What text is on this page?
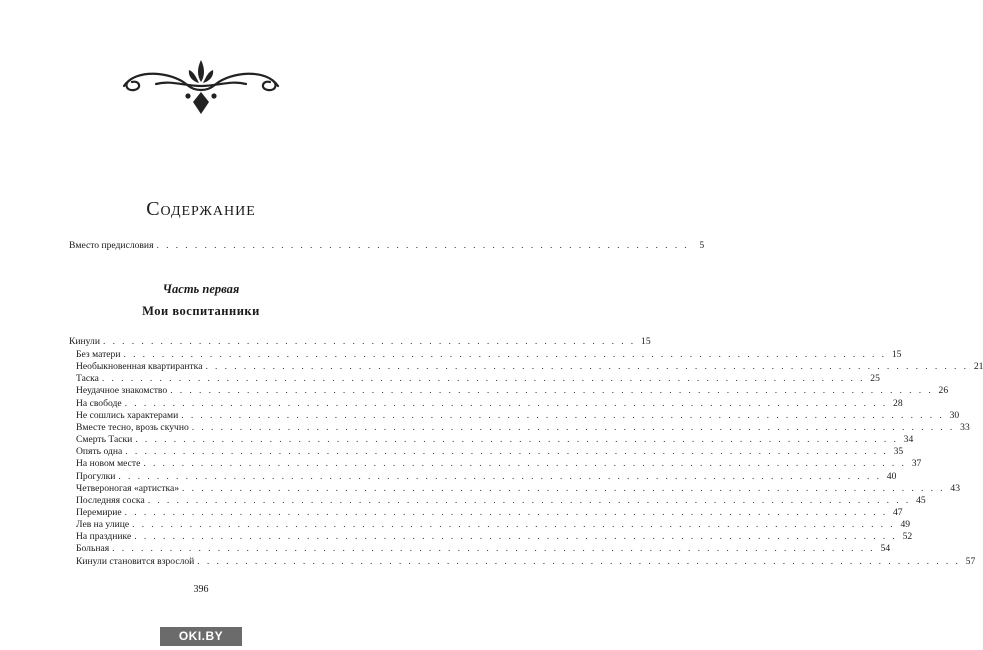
Содержание
Вместо предисловия . . . . . . . . . . . . . . . . . . . . . . . . . . . . . . . . . . . . . . . . . . . . . . . . . . . . . . . .	5
Часть первая
Мои воспитанники
Кинули . . . . . . . . . . . . . . . . . . . . . . . . . . . . . . . . . . . . . . . . . . . . . . . . . . . . . . . . 15
Без матери . . . . . . . . . . . . . . . . . . . . . . . . . . . . . . . . . . . . . . . . . . . . . . . . . . . . . . . . . . . . . . . . . . . . . . . . . . . . . . . . 15
Необыкновенная квартирантка . . . . . . . . . . . . . . . . . . . . . . . . . . . . . . . . . . . . . . . . . . . . . . . . . . . . . . . . . . . . . . . . . . . . . . . . . . . . . . . . 21
Таска . . . . . . . . . . . . . . . . . . . . . . . . . . . . . . . . . . . . . . . . . . . . . . . . . . . . . . . . . . . . . . . . . . . . . . . . . . . . . . . . 25
Неудачное знакомство . . . . . . . . . . . . . . . . . . . . . . . . . . . . . . . . . . . . . . . . . . . . . . . . . . . . . . . . . . . . . . . . . . . . . . . . . . . . . . . . 26
На свободе . . . . . . . . . . . . . . . . . . . . . . . . . . . . . . . . . . . . . . . . . . . . . . . . . . . . . . . . . . . . . . . . . . . . . . . . . . . . . . . . 28
Не сошлись характерами . . . . . . . . . . . . . . . . . . . . . . . . . . . . . . . . . . . . . . . . . . . . . . . . . . . . . . . . . . . . . . . . . . . . . . . . . . . . . . . . 30
Вместе тесно, врозь скучно . . . . . . . . . . . . . . . . . . . . . . . . . . . . . . . . . . . . . . . . . . . . . . . . . . . . . . . . . . . . . . . . . . . . . . . . . . . . . . . . 33
Смерть Таски . . . . . . . . . . . . . . . . . . . . . . . . . . . . . . . . . . . . . . . . . . . . . . . . . . . . . . . . . . . . . . . . . . . . . . . . . . . . . . . . 34
Опять одна . . . . . . . . . . . . . . . . . . . . . . . . . . . . . . . . . . . . . . . . . . . . . . . . . . . . . . . . . . . . . . . . . . . . . . . . . . . . . . . . 35
На новом месте . . . . . . . . . . . . . . . . . . . . . . . . . . . . . . . . . . . . . . . . . . . . . . . . . . . . . . . . . . . . . . . . . . . . . . . . . . . . . . . . 37
Прогулки . . . . . . . . . . . . . . . . . . . . . . . . . . . . . . . . . . . . . . . . . . . . . . . . . . . . . . . . . . . . . . . . . . . . . . . . . . . . . . . . 40
Четвероногая «артистка» . . . . . . . . . . . . . . . . . . . . . . . . . . . . . . . . . . . . . . . . . . . . . . . . . . . . . . . . . . . . . . . . . . . . . . . . . . . . . . . . 43
Последняя соска . . . . . . . . . . . . . . . . . . . . . . . . . . . . . . . . . . . . . . . . . . . . . . . . . . . . . . . . . . . . . . . . . . . . . . . . . . . . . . . . 45
Перемирие . . . . . . . . . . . . . . . . . . . . . . . . . . . . . . . . . . . . . . . . . . . . . . . . . . . . . . . . . . . . . . . . . . . . . . . . . . . . . . . . 47
Лев на улице . . . . . . . . . . . . . . . . . . . . . . . . . . . . . . . . . . . . . . . . . . . . . . . . . . . . . . . . . . . . . . . . . . . . . . . . . . . . . . . . 49
На празднике . . . . . . . . . . . . . . . . . . . . . . . . . . . . . . . . . . . . . . . . . . . . . . . . . . . . . . . . . . . . . . . . . . . . . . . . . . . . . . . . 52
Больная . . . . . . . . . . . . . . . . . . . . . . . . . . . . . . . . . . . . . . . . . . . . . . . . . . . . . . . . . . . . . . . . . . . . . . . . . . . . . . . . 54
Кинули становится взрослой . . . . . . . . . . . . . . . . . . . . . . . . . . . . . . . . . . . . . . . . . . . . . . . . . . . . . . . . . . . . . . . . . . . . . . . . . . . . . . . . 57
396
OKI.BY
